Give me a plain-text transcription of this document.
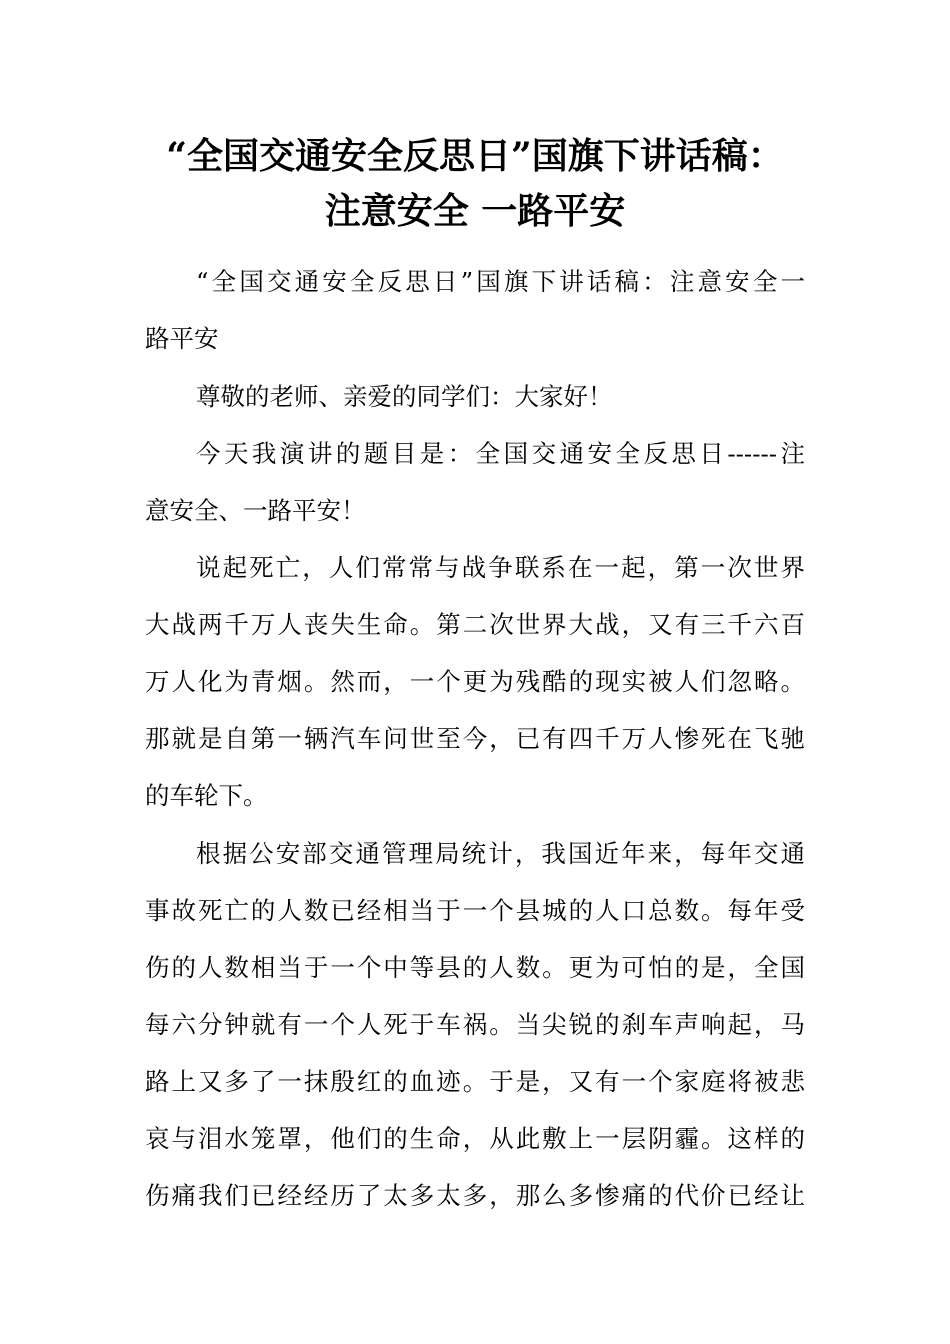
“全国交通安全反思日”国旗下讲话稿：
注意安全 一路平安

“全国交通安全反思日”国旗下讲话稿：注意安全一

路平安

尊敬的老师、亲爱的同学们：大家好！

今天我演讲的题目是：全国交通安全反思日------注

意安全、一路平安！

说起死亡，人们常常与战争联系在一起，第一次世界

大战两千万人丧失生命。第二次世界大战，又有三千六百

万人化为青烟。然而，一个更为残酷的现实被人们忽略。

那就是自第一辆汽车问世至今，已有四千万人惨死在飞驰

的车轮下。

根据公安部交通管理局统计，我国近年来，每年交通

事故死亡的人数已经相当于一个县城的人口总数。每年受

伤的人数相当于一个中等县的人数。更为可怕的是，全国

每六分钟就有一个人死于车祸。当尖锐的刹车声响起，马

路上又多了一抹殷红的血迹。于是，又有一个家庭将被悲

哀与泪水笼罩，他们的生命，从此敷上一层阴霾。这样的

伤痛我们已经经历了太多太多，那么多惨痛的代价已经让
